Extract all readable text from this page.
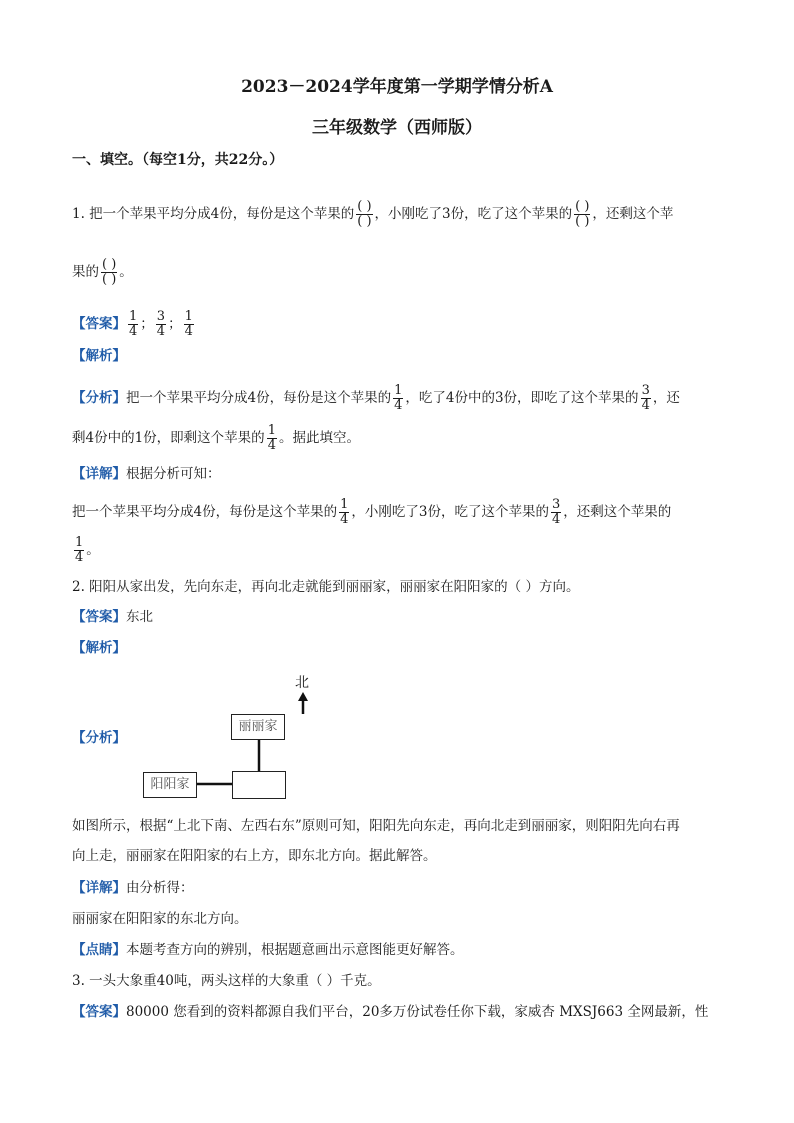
2023－2024学年度第一学期学情分析A
三年级数学（西师版）
一、填空。（每空1分，共22分。）
1. 把一个苹果平均分成4份，每份是这个苹果的 $\frac{( )}{( )}$ ，小刚吃了3份，吃了这个苹果的 $\frac{( )}{( )}$ ，还剩这个苹
果的 $\frac{( )}{( )}$ 。
【答案】 $\frac{1}{4}$ ； $\frac{3}{4}$ ； $\frac{1}{4}$
【解析】
【分析】把一个苹果平均分成4份，每份是这个苹果的 $\frac{1}{4}$ ，吃了4份中的3份，即吃了这个苹果的 $\frac{3}{4}$ ，还
剩4份中的1份，即剩这个苹果的 $\frac{1}{4}$ 。据此填空。
【详解】根据分析可知：
把一个苹果平均分成4份，每份是这个苹果的 $\frac{1}{4}$ ，小刚吃了3份，吃了这个苹果的 $\frac{3}{4}$ ，还剩这个苹果的
$\frac{1}{4}$ 。
2. 阳阳从家出发，先向东走，再向北走就能到丽丽家，丽丽家在阳阳家的（ ）方向。
【答案】东北
【解析】
【分析】
北
丽丽家
阳阳家
如图所示，根据“上北下南、左西右东”原则可知，阳阳先向东走，再向北走到丽丽家，则阳阳先向右再
向上走，丽丽家在阳阳家的右上方，即东北方向。据此解答。
【详解】由分析得：
丽丽家在阳阳家的东北方向。
【点睛】本题考查方向的辨别，根据题意画出示意图能更好解答。
3. 一头大象重40吨，两头这样的大象重（ ）千克。
【答案】80000 您看到的资料都源自我们平台，20多万份试卷任你下载，家威杏 MXSJ663 全网最新，性
